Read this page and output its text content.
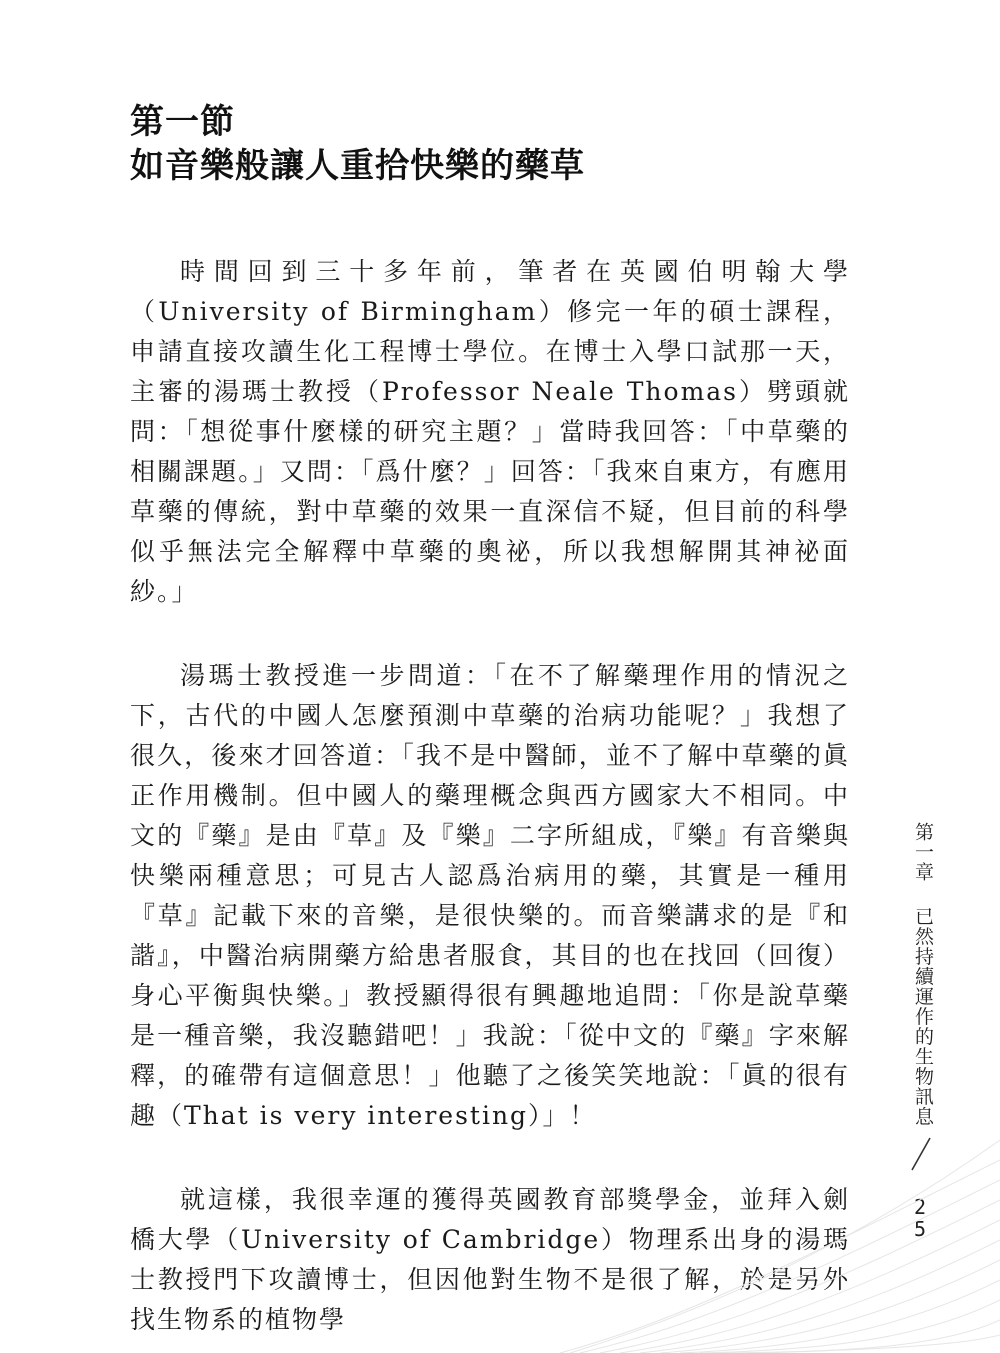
第一節
如音樂般讓人重拾快樂的藥草

時間回到三十多年前，筆者在英國伯明翰大學（University of Birmingham）修完一年的碩士課程，申請直接攻讀生化工程博士學位。在博士入學口試那一天，主審的湯瑪士教授（Professor Neale Thomas）劈頭就問：「想從事什麼樣的研究主題？」當時我回答：「中草藥的相關課題。」又問：「爲什麼？」回答：「我來自東方，有應用草藥的傳統，對中草藥的效果一直深信不疑，但目前的科學似乎無法完全解釋中草藥的奧祕，所以我想解開其神祕面紗。」

湯瑪士教授進一步問道：「在不了解藥理作用的情況之下，古代的中國人怎麼預測中草藥的治病功能呢？」我想了很久，後來才回答道：「我不是中醫師，並不了解中草藥的眞正作用機制。但中國人的藥理概念與西方國家大不相同。中文的『藥』是由『草』及『樂』二字所組成，『樂』有音樂與快樂兩種意思；可見古人認爲治病用的藥，其實是一種用『草』記載下來的音樂，是很快樂的。而音樂講求的是『和諧』，中醫治病開藥方給患者服食，其目的也在找回（回復）身心平衡與快樂。」教授顯得很有興趣地追問：「你是說草藥是一種音樂，我沒聽錯吧！」我說：「從中文的『藥』字來解釋，的確帶有這個意思！」他聽了之後笑笑地說：「眞的很有趣（That is very interesting）」！

就這樣，我很幸運的獲得英國教育部獎學金，並拜入劍橋大學（University of Cambridge）物理系出身的湯瑪士教授門下攻讀博士，但因他對生物不是很了解，於是另外找生物系的植物學

第一章  已然持續運作的生物訊息
2
5
